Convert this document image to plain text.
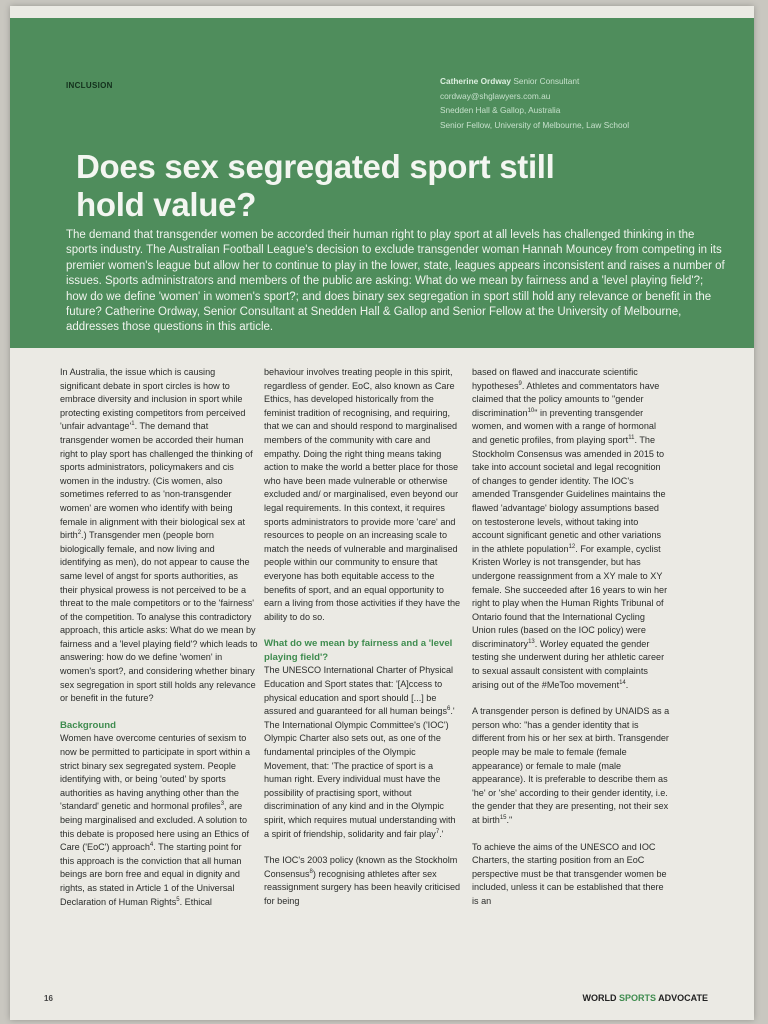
INCLUSION	Catherine Ordway Senior Consultant
cordway@shglawyers.com.au
Snedden Hall & Gallop, Australia
Senior Fellow, University of Melbourne, Law School
Does sex segregated sport still hold value?

The demand that transgender women be accorded their human right to play sport at all levels has challenged thinking in the sports industry. The Australian Football League's decision to exclude transgender woman Hannah Mouncey from competing in its premier women's league but allow her to continue to play in the lower, state, leagues appears inconsistent and raises a number of issues. Sports administrators and members of the public are asking: What do we mean by fairness and a 'level playing field'?; how do we define 'women' in women's sport?; and does binary sex segregation in sport still hold any relevance or benefit in the future? Catherine Ordway, Senior Consultant at Snedden Hall & Gallop and Senior Fellow at the University of Melbourne, addresses those questions in this article.

In Australia, the issue which is causing significant debate in sport circles is how to embrace diversity and inclusion in sport while protecting existing competitors from perceived 'unfair $advantage'^1$. The demand that transgender women be accorded their human right to play sport has challenged the thinking of sports administrators, policymakers and cis women in the industry. (Cis women, also sometimes referred to as 'non-transgender women' are women who identify with being female in alignment with their biological sex at birth$^2$.) Transgender men (people born biologically female, and now living and identifying as men), do not appear to cause the same level of angst for sports authorities, as their physical prowess is not perceived to be a threat to the male competitors or to the 'fairness' of the competition. To analyse this contradictory approach, this article asks: What do we mean by fairness and a 'level playing field'? which leads to answering: how do we define 'women' in women's sport?, and considering whether binary sex segregation in sport still holds any relevance or benefit in the future?

Background

Women have overcome centuries of sexism to now be permitted to participate in sport within a strict binary sex segregated system. People identifying with, or being 'outed' by sports authorities as having anything other than the 'standard' genetic and hormonal profiles$^3$, are being marginalised and excluded. A solution to this debate is proposed here using an Ethics of Care ('EoC') approach$^4$. The starting point for this approach is the conviction that all human beings are born free and equal in dignity and rights, as stated in Article 1 of the Universal Declaration of Human Rights$^5$. Ethical

behaviour involves treating people in this spirit, regardless of gender. EoC, also known as Care Ethics, has developed historically from the feminist tradition of recognising, and requiring, that we can and should respond to marginalised members of the community with care and empathy. Doing the right thing means taking action to make the world a better place for those who have been made vulnerable or otherwise excluded and/ or marginalised, even beyond our legal requirements. In this context, it requires sports administrators to provide more 'care' and resources to people on an increasing scale to match the needs of vulnerable and marginalised people within our community to ensure that everyone has both equitable access to the benefits of sport, and an equal opportunity to earn a living from those activities if they have the ability to do so.

What do we mean by fairness and a 'level playing field'?

The UNESCO International Charter of Physical Education and Sport states that: '[A]ccess to physical education and sport should [...] be assured and guaranteed for all human beings$^6$.' The International Olympic Committee's ('IOC') Olympic Charter also sets out, as one of the fundamental principles of the Olympic Movement, that: 'The practice of sport is a human right. Every individual must have the possibility of practising sport, without discrimination of any kind and in the Olympic spirit, which requires mutual understanding with a spirit of friendship, solidarity and fair play$^7$.'

The IOC's 2003 policy (known as the Stockholm Consensus$^8$) recognising athletes after sex reassignment surgery has been heavily criticised for being

based on flawed and inaccurate scientific hypotheses$^9$. Athletes and commentators have claimed that the policy amounts to "gender discrimination$^{10}$" in preventing transgender women, and women with a range of hormonal and genetic profiles, from playing sport$^{11}$. The Stockholm Consensus was amended in 2015 to take into account societal and legal recognition of changes to gender identity. The IOC's amended Transgender Guidelines maintains the flawed 'advantage' biology assumptions based on testosterone levels, without taking into account significant genetic and other variations in the athlete population$^{12}$. For example, cyclist Kristen Worley is not transgender, but has undergone reassignment from a XY male to XY female. She succeeded after 16 years to win her right to play when the Human Rights Tribunal of Ontario found that the International Cycling Union rules (based on the IOC policy) were discriminatory$^{13}$. Worley equated the gender testing she underwent during her athletic career to sexual assault consistent with complaints arising out of the #MeToo movement$^{14}$.

A transgender person is defined by UNAIDS as a person who: "has a gender identity that is different from his or her sex at birth. Transgender people may be male to female (female appearance) or female to male (male appearance). It is preferable to describe them as 'he' or 'she' according to their gender identity, i.e. the gender that they are presenting, not their sex at birth$^{15}$."

To achieve the aims of the UNESCO and IOC Charters, the starting position from an EoC perspective must be that transgender women be included, unless it can be established that there is an

16	WORLD SPORTS ADVOCATE
